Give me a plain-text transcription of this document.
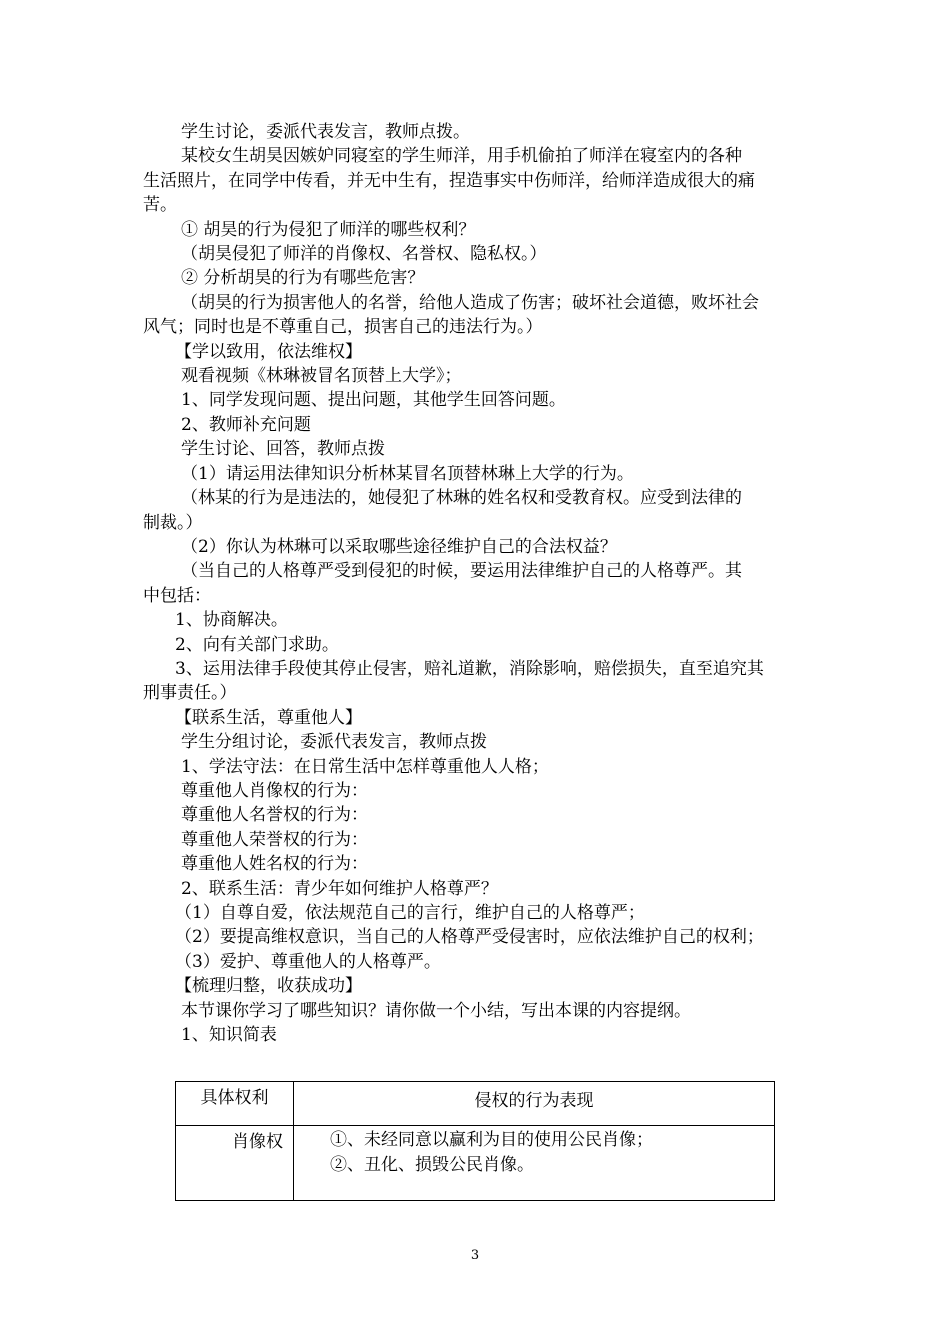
学生讨论，委派代表发言，教师点拨。
某校女生胡昊因嫉妒同寝室的学生师洋，用手机偷拍了师洋在寝室内的各种
生活照片，在同学中传看，并无中生有，捏造事实中伤师洋，给师洋造成很大的痛
苦。
① 胡昊的行为侵犯了师洋的哪些权利？
（胡昊侵犯了师洋的肖像权、名誉权、隐私权。）
② 分析胡昊的行为有哪些危害？
（胡昊的行为损害他人的名誉，给他人造成了伤害；破坏社会道德，败坏社会
风气；同时也是不尊重自己，损害自己的违法行为。）
【学以致用，依法维权】
观看视频《林琳被冒名顶替上大学》；
1、同学发现问题、提出问题，其他学生回答问题。
2、教师补充问题
学生讨论、回答，教师点拨
（1）请运用法律知识分析林某冒名顶替林琳上大学的行为。
（林某的行为是违法的，她侵犯了林琳的姓名权和受教育权。应受到法律的
制裁。）
（2）你认为林琳可以采取哪些途径维护自己的合法权益？
（当自己的人格尊严受到侵犯的时候，要运用法律维护自己的人格尊严。其
中包括：
1、协商解决。
2、向有关部门求助。
3、运用法律手段使其停止侵害，赔礼道歉，消除影响，赔偿损失，直至追究其
刑事责任。）
【联系生活，尊重他人】
学生分组讨论，委派代表发言，教师点拨
1、学法守法：在日常生活中怎样尊重他人人格；
尊重他人肖像权的行为：
尊重他人名誉权的行为：
尊重他人荣誉权的行为：
尊重他人姓名权的行为：
2、联系生活：青少年如何维护人格尊严？
（1）自尊自爱，依法规范自己的言行，维护自己的人格尊严；
（2）要提高维权意识，当自己的人格尊严受侵害时，应依法维护自己的权利；
（3）爱护、尊重他人的人格尊严。
【梳理归整，收获成功】
本节课你学习了哪些知识？请你做一个小结，写出本课的内容提纲。
1、知识简表
具体权利	侵权的行为表现
肖像权	①、未经同意以赢利为目的使用公民肖像；
②、丑化、损毁公民肖像。
3
